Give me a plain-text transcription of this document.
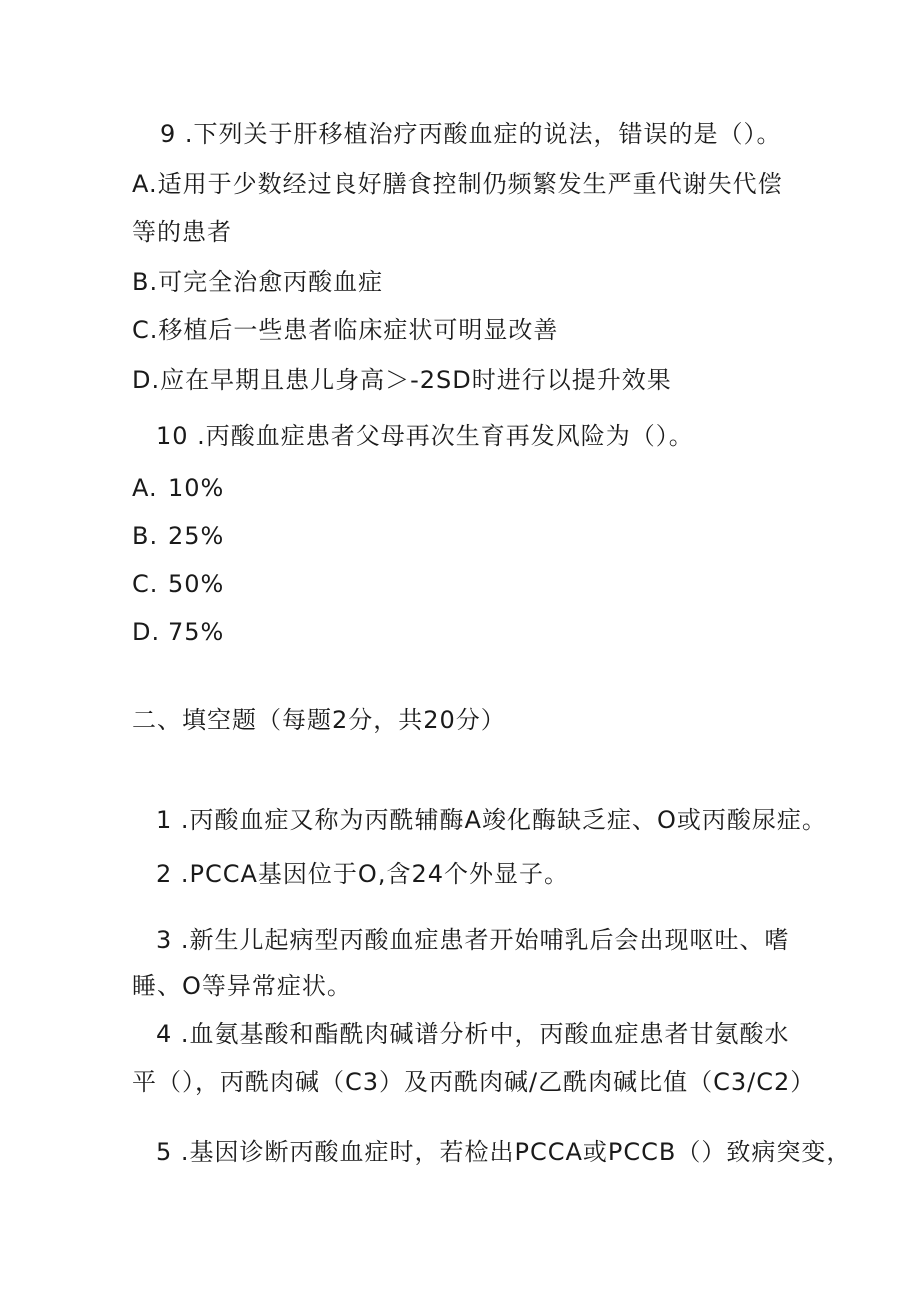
9 .下列关于肝移植治疗丙酸血症的说法，错误的是（）。
A.适用于少数经过良好膳食控制仍频繁发生严重代谢失代偿
等的患者
B.可完全治愈丙酸血症
C.移植后一些患者临床症状可明显改善
D.应在早期且患儿身高＞-2SD时进行以提升效果
10 .丙酸血症患者父母再次生育再发风险为（）。
A. 10%
B. 25%
C. 50%
D. 75%
二、填空题（每题2分，共20分）
1 .丙酸血症又称为丙酰辅酶A竣化酶缺乏症、O或丙酸尿症。
2 .PCCA基因位于O,含24个外显子。
3 .新生儿起病型丙酸血症患者开始哺乳后会出现呕吐、嗜
睡、O等异常症状。
4 .血氨基酸和酯酰肉碱谱分析中，丙酸血症患者甘氨酸水
平（），丙酰肉碱（C3）及丙酰肉碱/乙酰肉碱比值（C3/C2）
5 .基因诊断丙酸血症时，若检出PCCA或PCCB（）致病突变，
